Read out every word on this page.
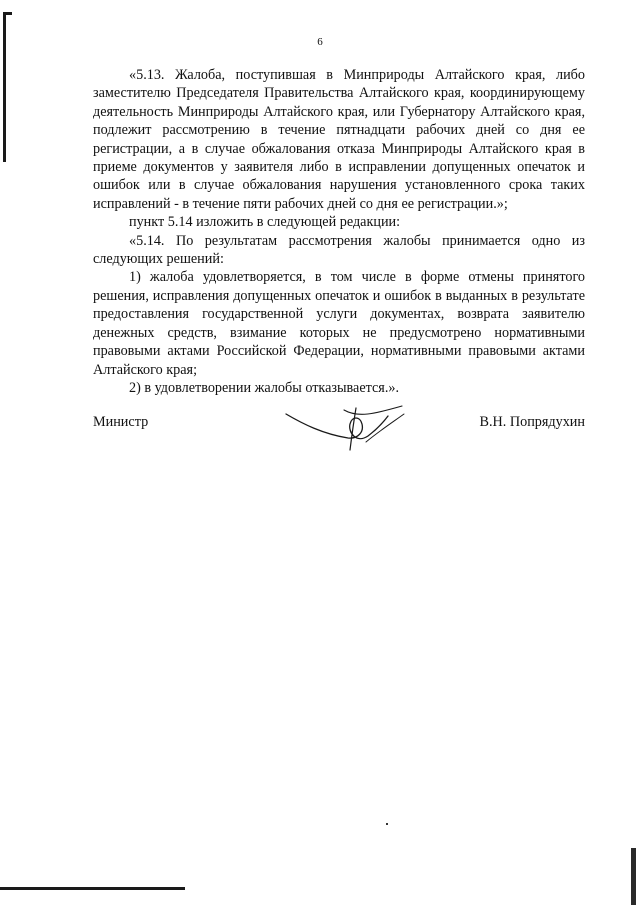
6

«5.13. Жалоба, поступившая в Минприроды Алтайского края, либо заместителю Председателя Правительства Алтайского края, координирующему деятельность Минприроды Алтайского края, или Губернатору Алтайского края, подлежит рассмотрению в течение пятнадцати рабочих дней со дня ее регистрации, а в случае обжалования отказа Минприроды Алтайского края в приеме документов у заявителя либо в исправлении допущенных опечаток и ошибок или в случае обжалования нарушения установленного срока таких исправлений - в течение пяти рабочих дней со дня ее регистрации.»;

пункт 5.14 изложить в следующей редакции:

«5.14. По результатам рассмотрения жалобы принимается одно из следующих решений:

1) жалоба удовлетворяется, в том числе в форме отмены принятого решения, исправления допущенных опечаток и ошибок в выданных в результате предоставления государственной услуги документах, возврата заявителю денежных средств, взимание которых не предусмотрено нормативными правовыми актами Российской Федерации, нормативными правовыми актами Алтайского края;

2) в удовлетворении жалобы отказывается.».

Министр	В.Н. Попрядухин
